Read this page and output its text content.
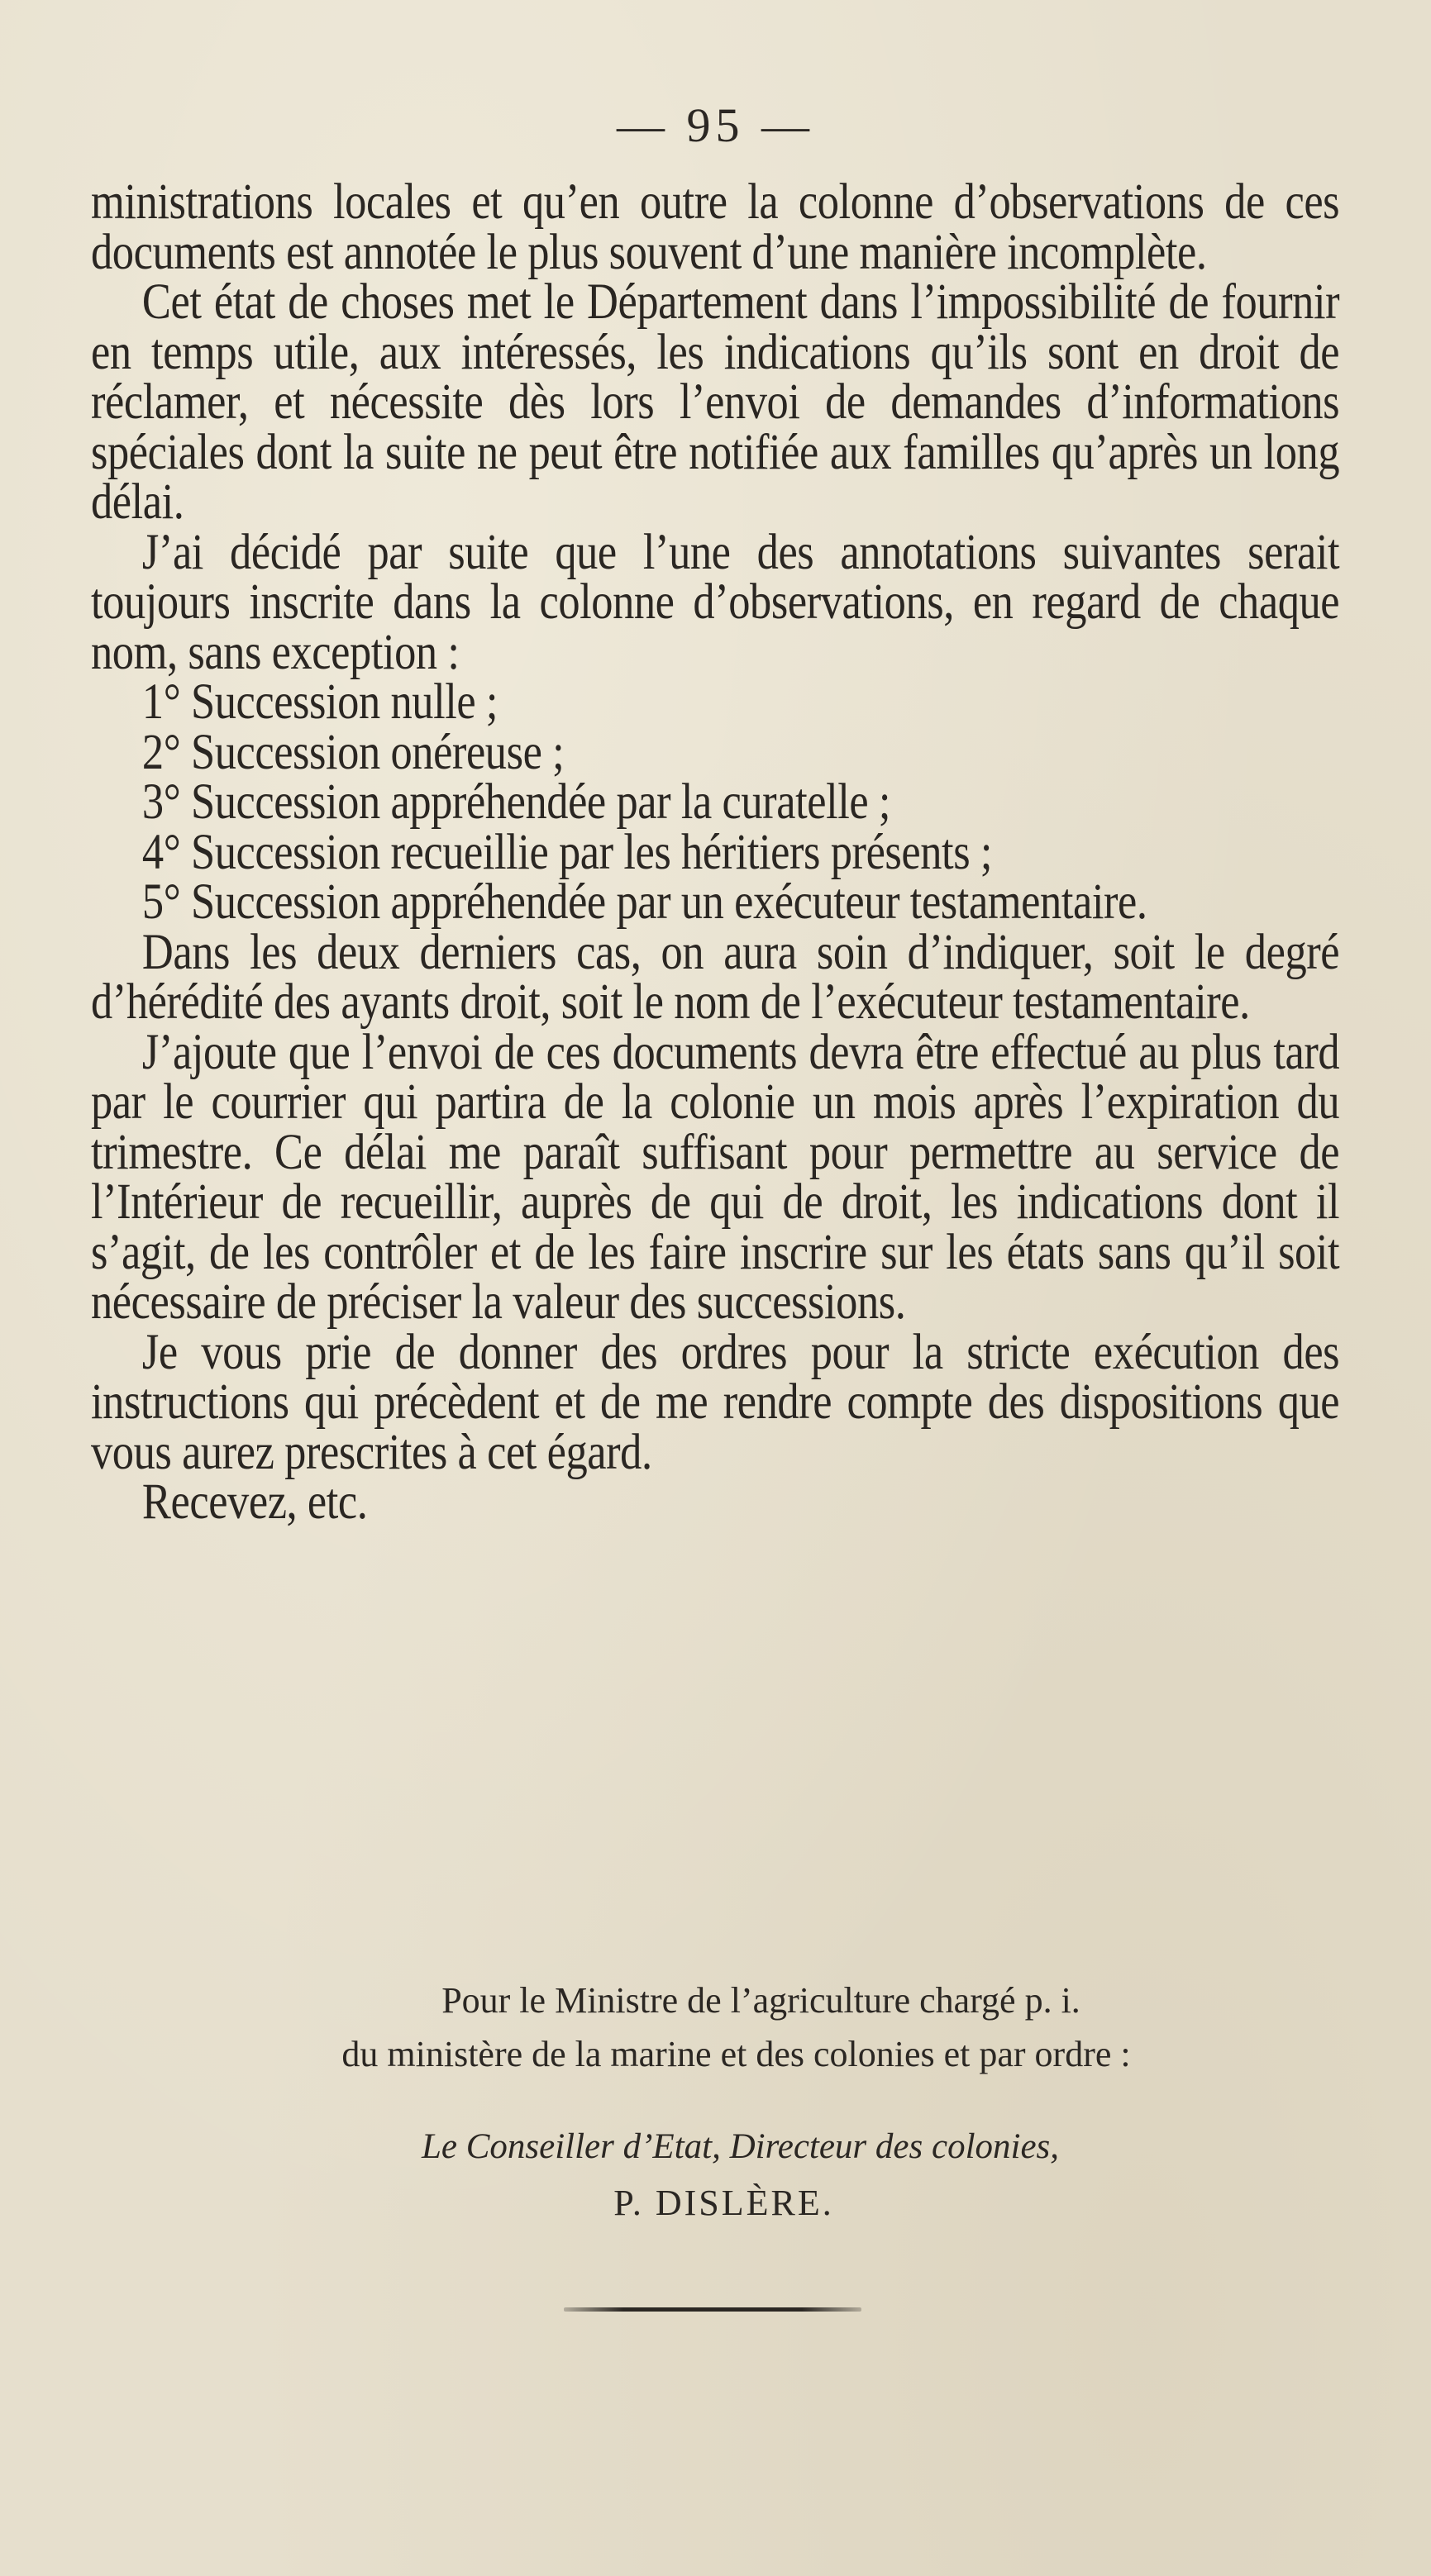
— 95 —

ministrations locales et qu’en outre la colonne d’observations de ces documents est annotée le plus souvent d’une manière incomplète.

Cet état de choses met le Département dans l’impossibilité de fournir en temps utile, aux intéressés, les indications qu’ils sont en droit de réclamer, et nécessite dès lors l’envoi de demandes d’informations spéciales dont la suite ne peut être notifiée aux familles qu’après un long délai.

J’ai décidé par suite que l’une des annotations suivantes serait toujours inscrite dans la colonne d’observations, en regard de chaque nom, sans exception :

1° Succession nulle ;

2° Succession onéreuse ;

3° Succession appréhendée par la curatelle ;

4° Succession recueillie par les héritiers présents ;

5° Succession appréhendée par un exécuteur testamentaire.

Dans les deux derniers cas, on aura soin d’indiquer, soit le degré d’hérédité des ayants droit, soit le nom de l’exécuteur testamentaire.

J’ajoute que l’envoi de ces documents devra être effectué au plus tard par le courrier qui partira de la colonie un mois après l’expiration du trimestre. Ce délai me paraît suffisant pour permettre au service de l’Intérieur de recueillir, auprès de qui de droit, les indications dont il s’agit, de les contrôler et de les faire inscrire sur les états sans qu’il soit nécessaire de préciser la valeur des successions.

Je vous prie de donner des ordres pour la stricte exécution des instructions qui précèdent et de me rendre compte des dispositions que vous aurez prescrites à cet égard.

Recevez, etc.

Pour le Ministre de l’agriculture chargé p. i.
du ministère de la marine et des colonies et par ordre :
Le Conseiller d’Etat, Directeur des colonies,
P. DISLÈRE.
